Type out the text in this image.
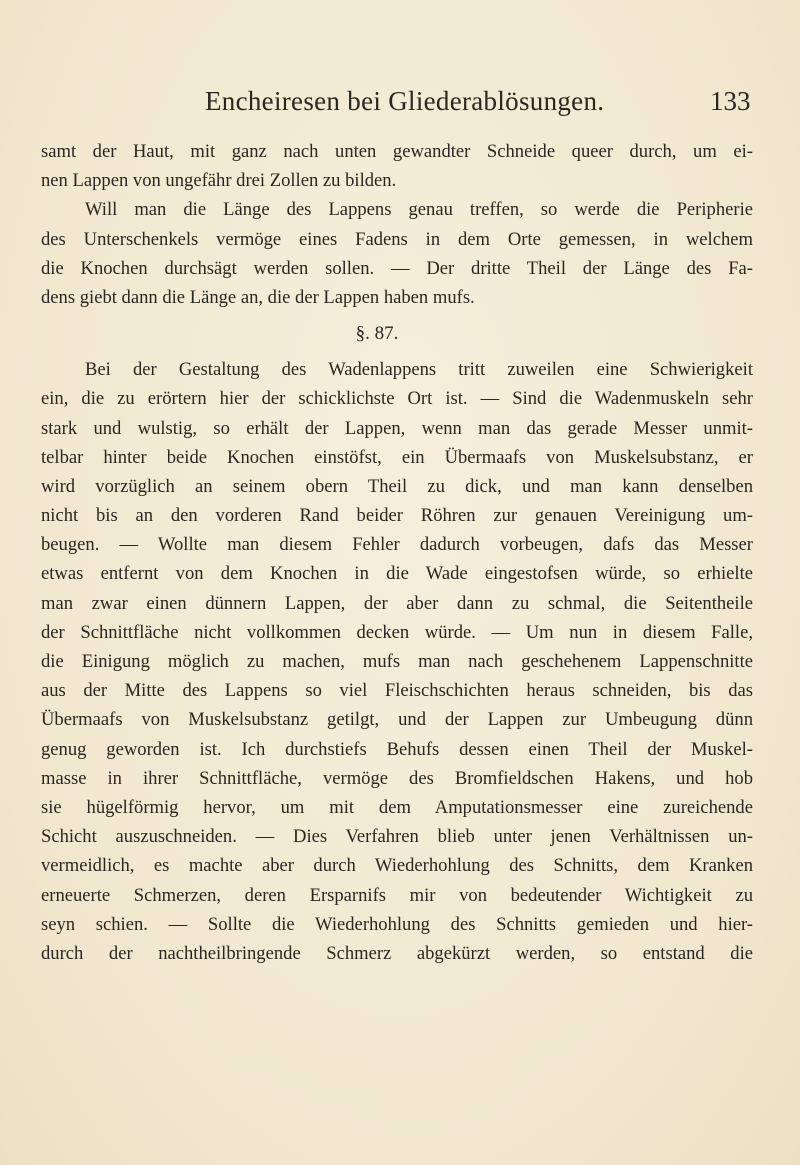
Encheiresen bei Gliederablösungen.	133
samt der Haut, mit ganz nach unten gewandter Schneide queer durch, um ei-
nen Lappen von ungefähr drei Zollen zu bilden.
Will man die Länge des Lappens genau treffen, so werde die Peripherie
des Unterschenkels vermöge eines Fadens in dem Orte gemessen, in welchem
die Knochen durchsägt werden sollen. — Der dritte Theil der Länge des Fa-
dens giebt dann die Länge an, die der Lappen haben mufs.
§. 87.
Bei der Gestaltung des Wadenlappens tritt zuweilen eine Schwierigkeit
ein, die zu erörtern hier der schicklichste Ort ist. — Sind die Wadenmuskeln sehr
stark und wulstig, so erhält der Lappen, wenn man das gerade Messer unmit-
telbar hinter beide Knochen einstöfst, ein Übermaafs von Muskelsubstanz, er
wird vorzüglich an seinem obern Theil zu dick, und man kann denselben
nicht bis an den vorderen Rand beider Röhren zur genauen Vereinigung um-
beugen. — Wollte man diesem Fehler dadurch vorbeugen, dafs das Messer
etwas entfernt von dem Knochen in die Wade eingestofsen würde, so erhielte
man zwar einen dünnern Lappen, der aber dann zu schmal, die Seitentheile
der Schnittfläche nicht vollkommen decken würde. — Um nun in diesem Falle,
die Einigung möglich zu machen, mufs man nach geschehenem Lappenschnitte
aus der Mitte des Lappens so viel Fleischschichten heraus schneiden, bis das
Übermaafs von Muskelsubstanz getilgt, und der Lappen zur Umbeugung dünn
genug geworden ist. Ich durchstiefs Behufs dessen einen Theil der Muskel-
masse in ihrer Schnittfläche, vermöge des Bromfieldschen Hakens, und hob
sie hügelförmig hervor, um mit dem Amputationsmesser eine zureichende
Schicht auszuschneiden. — Dies Verfahren blieb unter jenen Verhältnissen un-
vermeidlich, es machte aber durch Wiederhohlung des Schnitts, dem Kranken
erneuerte Schmerzen, deren Ersparnifs mir von bedeutender Wichtigkeit zu
seyn schien. — Sollte die Wiederhohlung des Schnitts gemieden und hier-
durch der nachtheilbringende Schmerz abgekürzt werden, so entstand die
